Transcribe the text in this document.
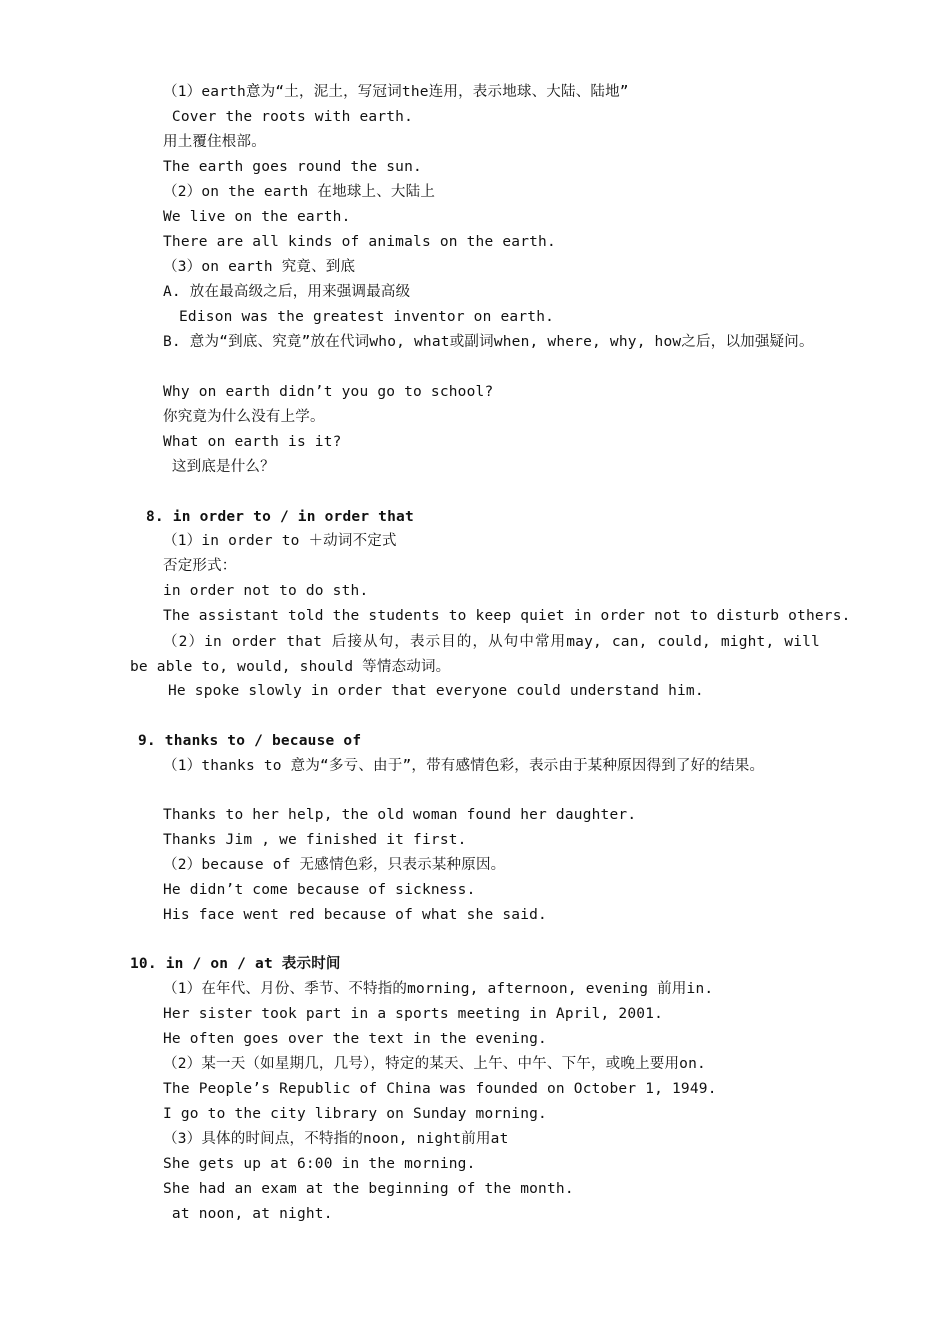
（1）earth意为“土，泥土，写冠词the连用，表示地球、大陆、陆地”
Cover the roots with earth.
用土覆住根部。
The earth goes round the sun.
（2）on the earth 在地球上、大陆上
We live on the earth.
There are all kinds of animals on the earth.
（3）on earth 究竟、到底
A. 放在最高级之后，用来强调最高级
Edison was the greatest inventor on earth.
B. 意为“到底、究竟”放在代词who, what或副词when, where, why, how之后，以加强疑问。
Why on earth didn’t you go to school?
你究竟为什么没有上学。
What on earth is it?
这到底是什么？
8. in order to / in order that
（1）in order to ＋动词不定式
否定形式：
in order not to do sth.
The assistant told the students to keep quiet in order not to disturb others.
（2）in order that 后接从句，表示目的，从句中常用may, can, could, might, will be able to, would, should 等情态动词。
He spoke slowly in order that everyone could understand him.
9. thanks to / because of
（1）thanks to 意为“多亏、由于”，带有感情色彩，表示由于某种原因得到了好的结果。
Thanks to her help, the old woman found her daughter.
Thanks Jim , we finished it first.
（2）because of 无感情色彩，只表示某种原因。
He didn’t come because of sickness.
His face went red because of what she said.
10. in / on / at 表示时间
（1）在年代、月份、季节、不特指的morning, afternoon, evening 前用in.
Her sister took part in a sports meeting in April, 2001.
He often goes over the text in the evening.
（2）某一天（如星期几，几号），特定的某天、上午、中午、下午，或晚上要用on.
The People’s Republic of China was founded on October 1, 1949.
I go to the city library on Sunday morning.
（3）具体的时间点，不特指的noon, night前用at
She gets up at 6:00 in the morning.
She had an exam at the beginning of the month.
at noon, at night.
